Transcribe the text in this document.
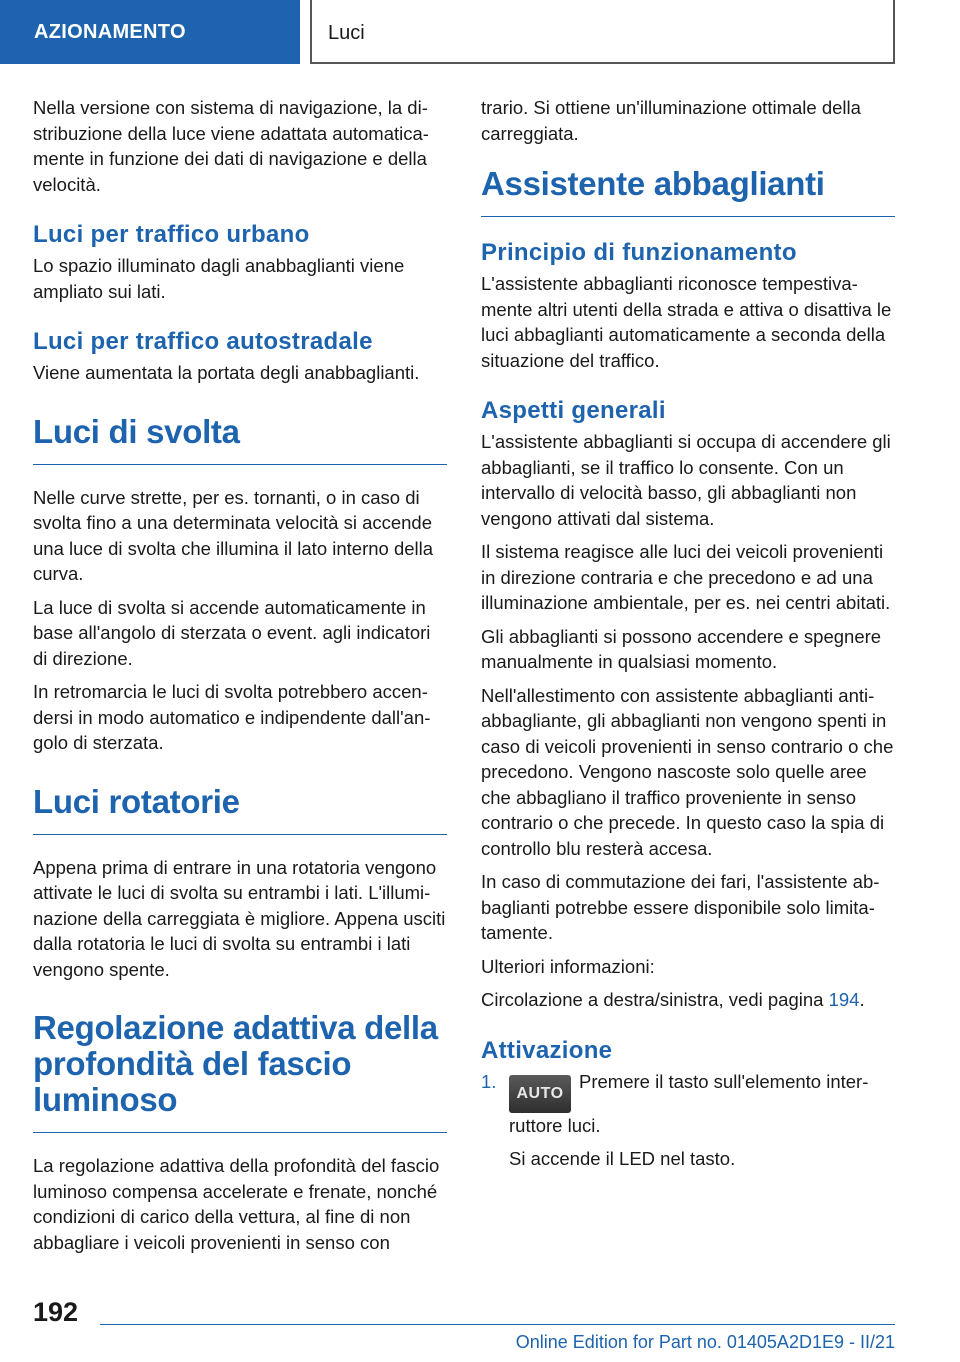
AZIONAMENTO	Luci

Nella versione con sistema di navigazione, la distribuzione della luce viene adattata automaticamente in funzione dei dati di navigazione e della velocità.

Luci per traffico urbano

Lo spazio illuminato dagli anabbaglianti viene ampliato sui lati.

Luci per traffico autostradale

Viene aumentata la portata degli anabbaglianti.

Luci di svolta

Nelle curve strette, per es. tornanti, o in caso di svolta fino a una determinata velocità si accende una luce di svolta che illumina il lato interno della curva.

La luce di svolta si accende automaticamente in base all'angolo di sterzata o event. agli indicatori di direzione.

In retromarcia le luci di svolta potrebbero accendersi in modo automatico e indipendente dall'angolo di sterzata.

Luci rotatorie

Appena prima di entrare in una rotatoria vengono attivate le luci di svolta su entrambi i lati. L'illuminazione della carreggiata è migliore. Appena usciti dalla rotatoria le luci di svolta su entrambi i lati vengono spente.

Regolazione adattiva della profondità del fascio luminoso

La regolazione adattiva della profondità del fascio luminoso compensa accelerate e frenate, nonché condizioni di carico della vettura, al fine di non abbagliare i veicoli provenienti in senso con

trario. Si ottiene un'illuminazione ottimale della carreggiata.

Assistente abbaglianti
Principio di funzionamento

L'assistente abbaglianti riconosce tempestivamente altri utenti della strada e attiva o disattiva le luci abbaglianti automaticamente a seconda della situazione del traffico.

Aspetti generali

L'assistente abbaglianti si occupa di accendere gli abbaglianti, se il traffico lo consente. Con un intervallo di velocità basso, gli abbaglianti non vengono attivati dal sistema.

Il sistema reagisce alle luci dei veicoli provenienti in direzione contraria e che precedono e ad una illuminazione ambientale, per es. nei centri abitati.

Gli abbaglianti si possono accendere e spegnere manualmente in qualsiasi momento.

Nell'allestimento con assistente abbaglianti antiabbagliante, gli abbaglianti non vengono spenti in caso di veicoli provenienti in senso contrario o che precedono. Vengono nascoste solo quelle aree che abbagliano il traffico proveniente in senso contrario o che precede. In questo caso la spia di controllo blu resterà accesa.

In caso di commutazione dei fari, l'assistente abbaglianti potrebbe essere disponibile solo limitatamente.

Ulteriori informazioni:

Circolazione a destra/sinistra, vedi pagina 194.

Attivazione

1.
AUTOPremere il tasto sull'elemento interruttore luci.

Si accende il LED nel tasto.

192
Online Edition for Part no. 01405A2D1E9 - II/21
